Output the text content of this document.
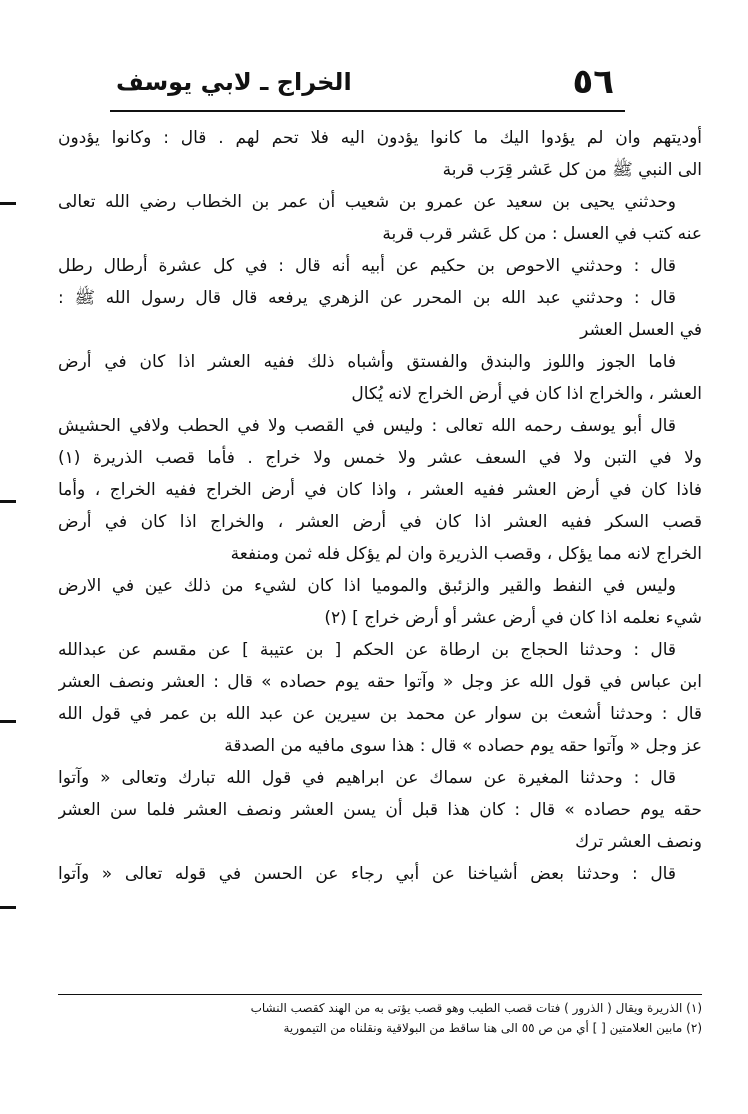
٥٦
الخراج ـ لابي يوسف
أوديتهم وان لم يؤدوا اليك ما كانوا يؤدون اليه فلا تحم لهم . قال : وكانوا يؤدون
الى النبي ﷺ من كل عَشر قِرَب قربة
وحدثني يحيى بن سعيد عن عمرو بن شعيب أن عمر بن الخطاب رضي الله تعالى
عنه كتب في العسل : من كل عَشر قرب قربة
قال : وحدثني الاحوص بن حكيم عن أبيه أنه قال : في كل عشرة أرطال رطل
قال : وحدثني عبد الله بن المحرر عن الزهري يرفعه قال قال رسول الله ﷺ :
في العسل العشر
فاما الجوز واللوز والبندق والفستق وأشباه ذلك ففيه العشر اذا كان في أرض
العشر ، والخراج اذا كان في أرض الخراج لانه يُكال
قال أبو يوسف رحمه الله تعالى : وليس في القصب ولا في الحطب ولافي الحشيش
ولا في التبن ولا في السعف عشر ولا خمس ولا خراج . فأما قصب الذريرة (١)
فاذا كان في أرض العشر ففيه العشر ، واذا كان في أرض الخراج ففيه الخراج ، وأما
قصب السكر ففيه العشر اذا كان في أرض العشر ، والخراج اذا كان في أرض
الخراج لانه مما يؤكل ، وقصب الذريرة وان لم يؤكل فله ثمن ومنفعة
وليس في النفط والقير والزئبق والموميا اذا كان لشيء من ذلك عين في الارض
شيء نعلمه اذا كان في أرض عشر أو أرض خراج ] (٢)
قال : وحدثنا الحجاج بن ارطاة عن الحكم [ بن عتيبة ] عن مقسم عن عبدالله
ابن عباس في قول الله عز وجل « وآتوا حقه يوم حصاده » قال : العشر ونصف العشر
قال : وحدثنا أشعث بن سوار عن محمد بن سيرين عن عبد الله بن عمر في قول الله
عز وجل « وآتوا حقه يوم حصاده » قال : هذا سوى مافيه من الصدقة
قال : وحدثنا المغيرة عن سماك عن ابراهيم في قول الله تبارك وتعالى « وآتوا
حقه يوم حصاده » قال : كان هذا قبل أن يسن العشر ونصف العشر فلما سن العشر
ونصف العشر ترك
قال : وحدثنا بعض أشياخنا عن أبي رجاء عن الحسن في قوله تعالى « وآتوا
(١) الذريرة ويقال ( الذرور ) فتات قصب الطيب وهو قصب يؤتى به من الهند كقصب النشاب
(٢) مابين العلامتين [ ] أي من ص ٥٥ الى هنا ساقط من البولاقية ونقلناه من التيمورية
